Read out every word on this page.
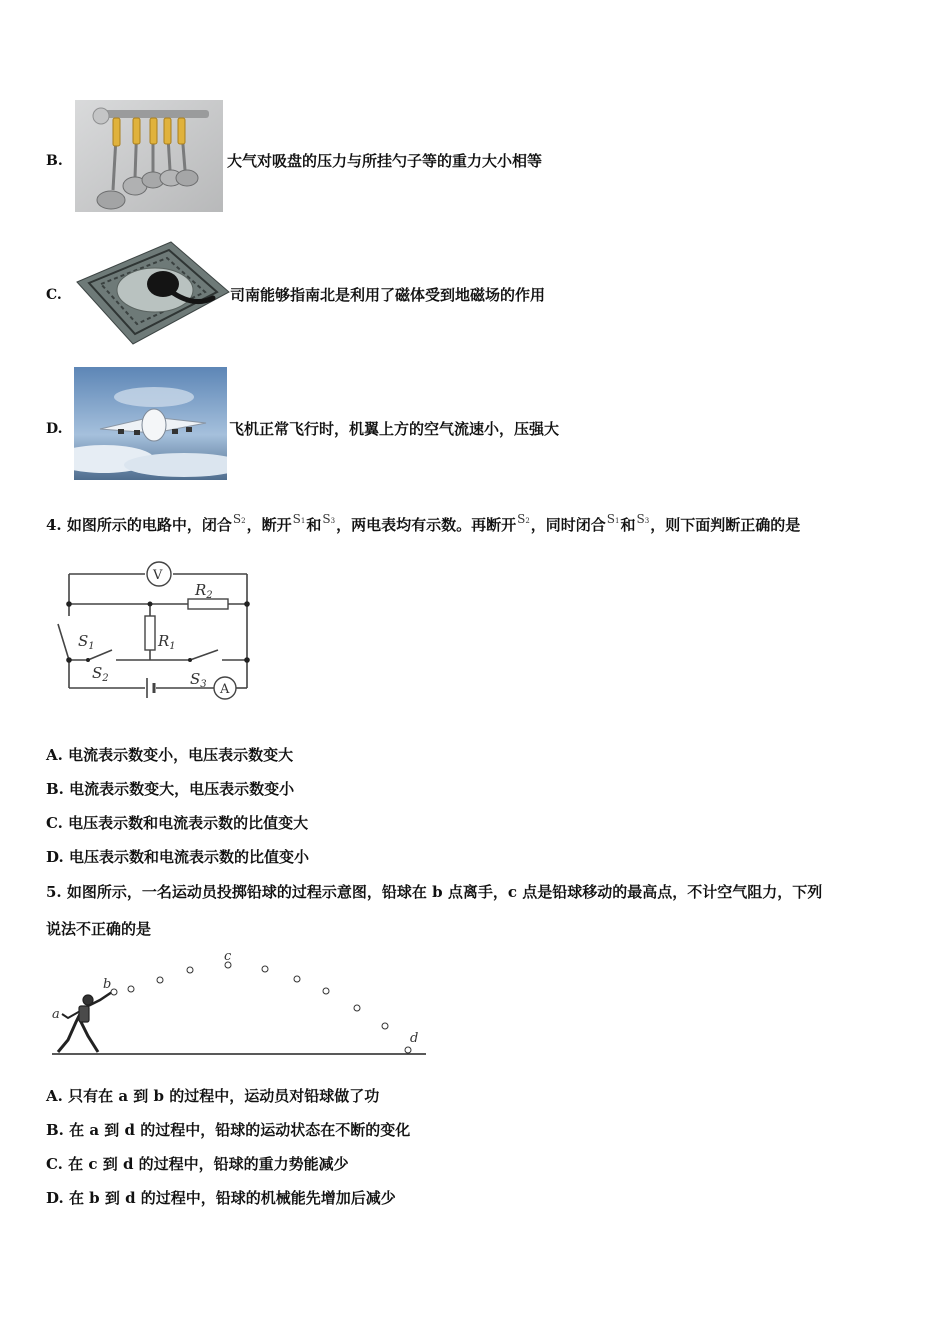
B.	大气对吸盘的压力与所挂勺子等的重力大小相等
C.	司南能够指南北是利用了磁体受到地磁场的作用
D.	飞机正常飞行时，机翼上方的空气流速小，压强大
4. 如图所示的电路中，闭合$^{S2}$，断开$^{S1}$和$^{S3}$，两电表均有示数。再断开$^{S2}$，同时闭合$^{S1}$和$^{S3}$，则下面判断正确的是
V
A
$R_2$
$R_1$
$S_1$
$S_2$	$S_3$
A. 电流表示数变小，电压表示数变大
B. 电流表示数变大，电压表示数变小
C. 电压表示数和电流表示数的比值变大
D. 电压表示数和电流表示数的比值变小
5. 如图所示，一名运动员投掷铅球的过程示意图，铅球在 b 点离手，c 点是铅球移动的最高点，不计空气阻力，下列
说法不正确的是
a
b
c
d
A. 只有在 a 到 b 的过程中，运动员对铅球做了功
B. 在 a 到 d 的过程中，铅球的运动状态在不断的变化
C. 在 c 到 d 的过程中，铅球的重力势能减少
D. 在 b 到 d 的过程中，铅球的机械能先增加后减少
